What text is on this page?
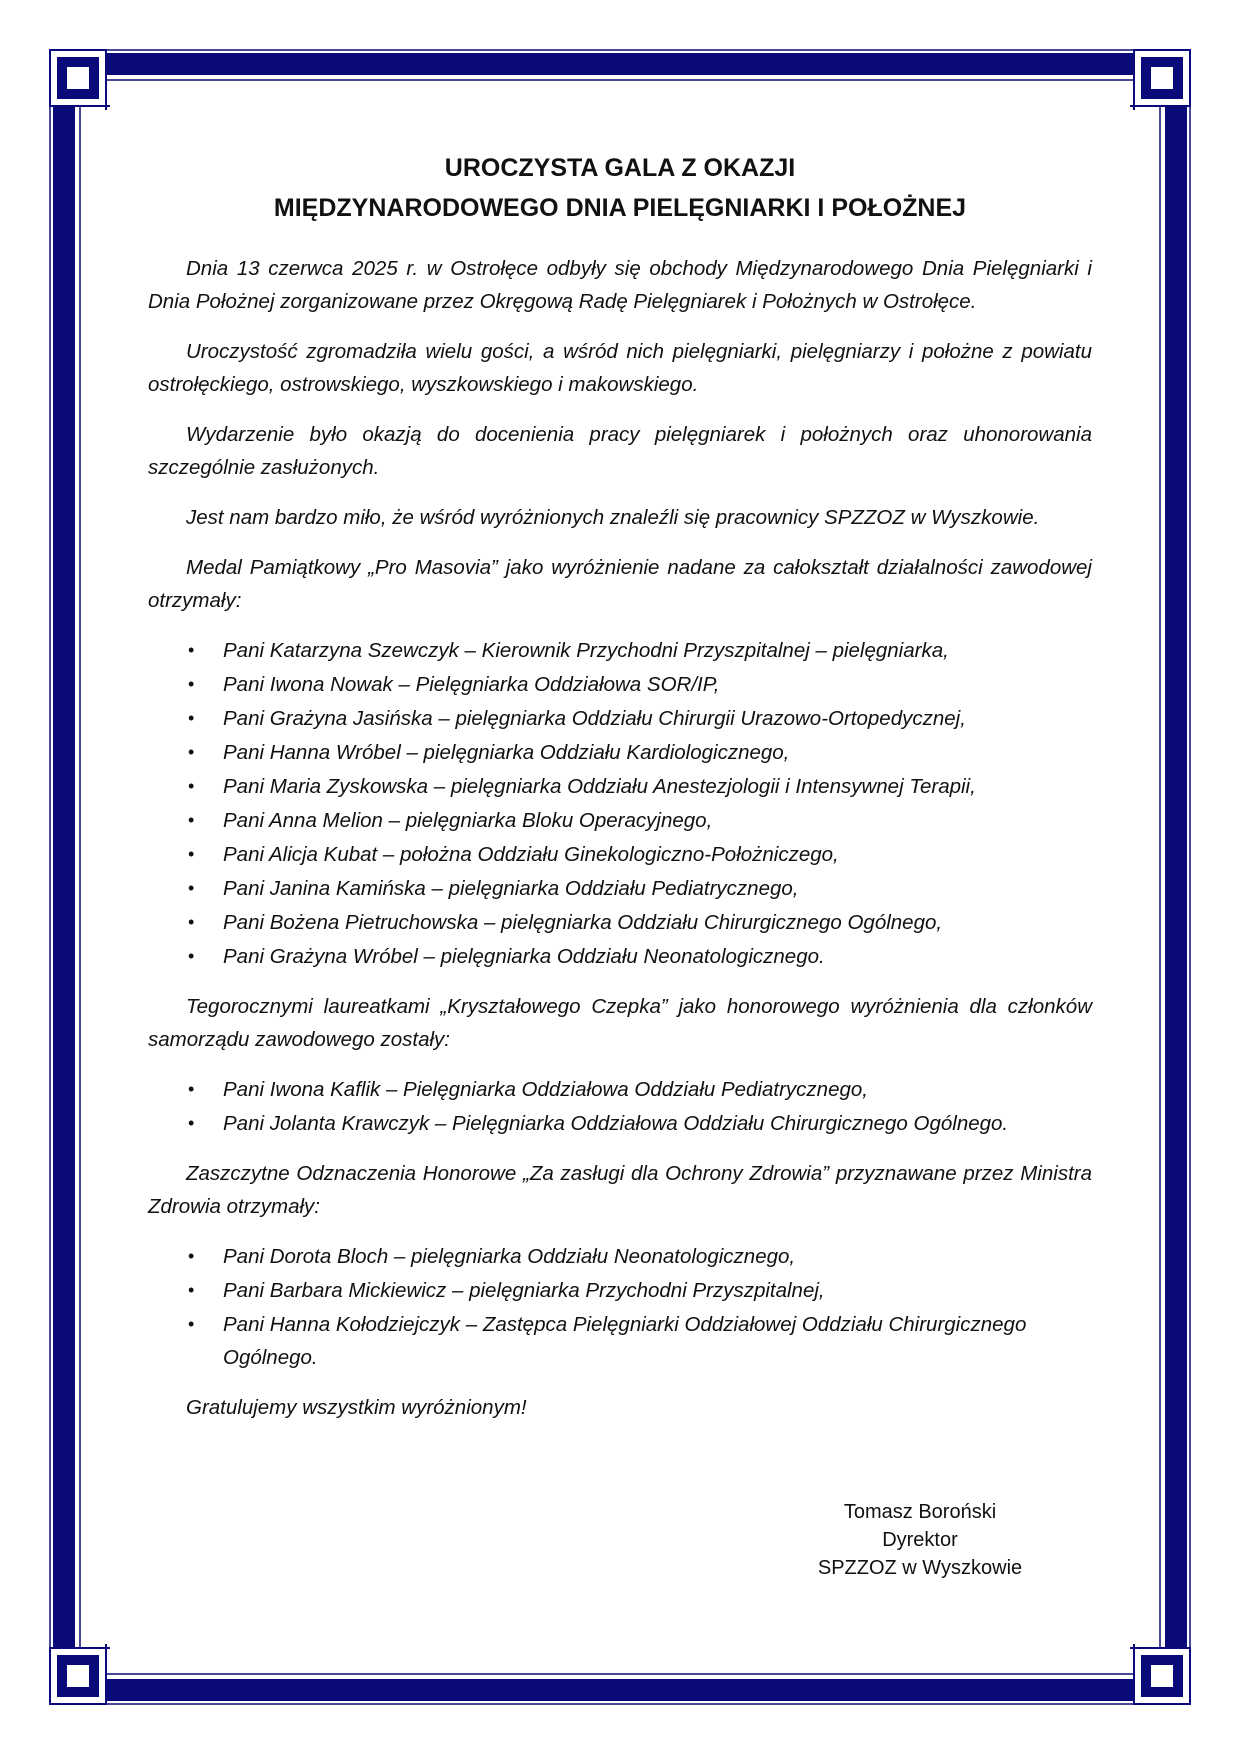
UROCZYSTA GALA Z OKAZJI
MIĘDZYNARODOWEGO DNIA PIELĘGNIARKI I POŁOŻNEJ

Dnia 13 czerwca 2025 r. w Ostrołęce odbyły się obchody Międzynarodowego Dnia Pielęgniarki i Dnia Położnej zorganizowane przez Okręgową Radę Pielęgniarek i Położnych w Ostrołęce.

Uroczystość zgromadziła wielu gości, a wśród nich pielęgniarki, pielęgniarzy i położne z powiatu ostrołęckiego, ostrowskiego, wyszkowskiego i makowskiego.

Wydarzenie było okazją do docenienia pracy pielęgniarek i położnych oraz uhonorowania szczególnie zasłużonych.

Jest nam bardzo miło, że wśród wyróżnionych znaleźli się pracownicy SPZZOZ w Wyszkowie.

Medal Pamiątkowy „Pro Masovia” jako wyróżnienie nadane za całokształt działalności zawodowej otrzymały:

• Pani Katarzyna Szewczyk – Kierownik Przychodni Przyszpitalnej – pielęgniarka,
• Pani Iwona Nowak – Pielęgniarka Oddziałowa SOR/IP,
• Pani Grażyna Jasińska – pielęgniarka Oddziału Chirurgii Urazowo-Ortopedycznej,
• Pani Hanna Wróbel – pielęgniarka Oddziału Kardiologicznego,
• Pani Maria Zyskowska – pielęgniarka Oddziału Anestezjologii i Intensywnej Terapii,
• Pani Anna Melion – pielęgniarka Bloku Operacyjnego,
• Pani Alicja Kubat – położna Oddziału Ginekologiczno-Położniczego,
• Pani Janina Kamińska – pielęgniarka Oddziału Pediatrycznego,
• Pani Bożena Pietruchowska – pielęgniarka Oddziału Chirurgicznego Ogólnego,
• Pani Grażyna Wróbel – pielęgniarka Oddziału Neonatologicznego.

Tegorocznymi laureatkami „Kryształowego Czepka” jako honorowego wyróżnienia dla członków samorządu zawodowego zostały:

• Pani Iwona Kaflik – Pielęgniarka Oddziałowa Oddziału Pediatrycznego,
• Pani Jolanta Krawczyk – Pielęgniarka Oddziałowa Oddziału Chirurgicznego Ogólnego.

Zaszczytne Odznaczenia Honorowe „Za zasługi dla Ochrony Zdrowia” przyznawane przez Ministra Zdrowia otrzymały:

• Pani Dorota Bloch – pielęgniarka Oddziału Neonatologicznego,
• Pani Barbara Mickiewicz – pielęgniarka Przychodni Przyszpitalnej,
• Pani Hanna Kołodziejczyk – Zastępca Pielęgniarki Oddziałowej Oddziału Chirurgicznego Ogólnego.

Gratulujemy wszystkim wyróżnionym!

Tomasz Boroński
Dyrektor
SPZZOZ w Wyszkowie
